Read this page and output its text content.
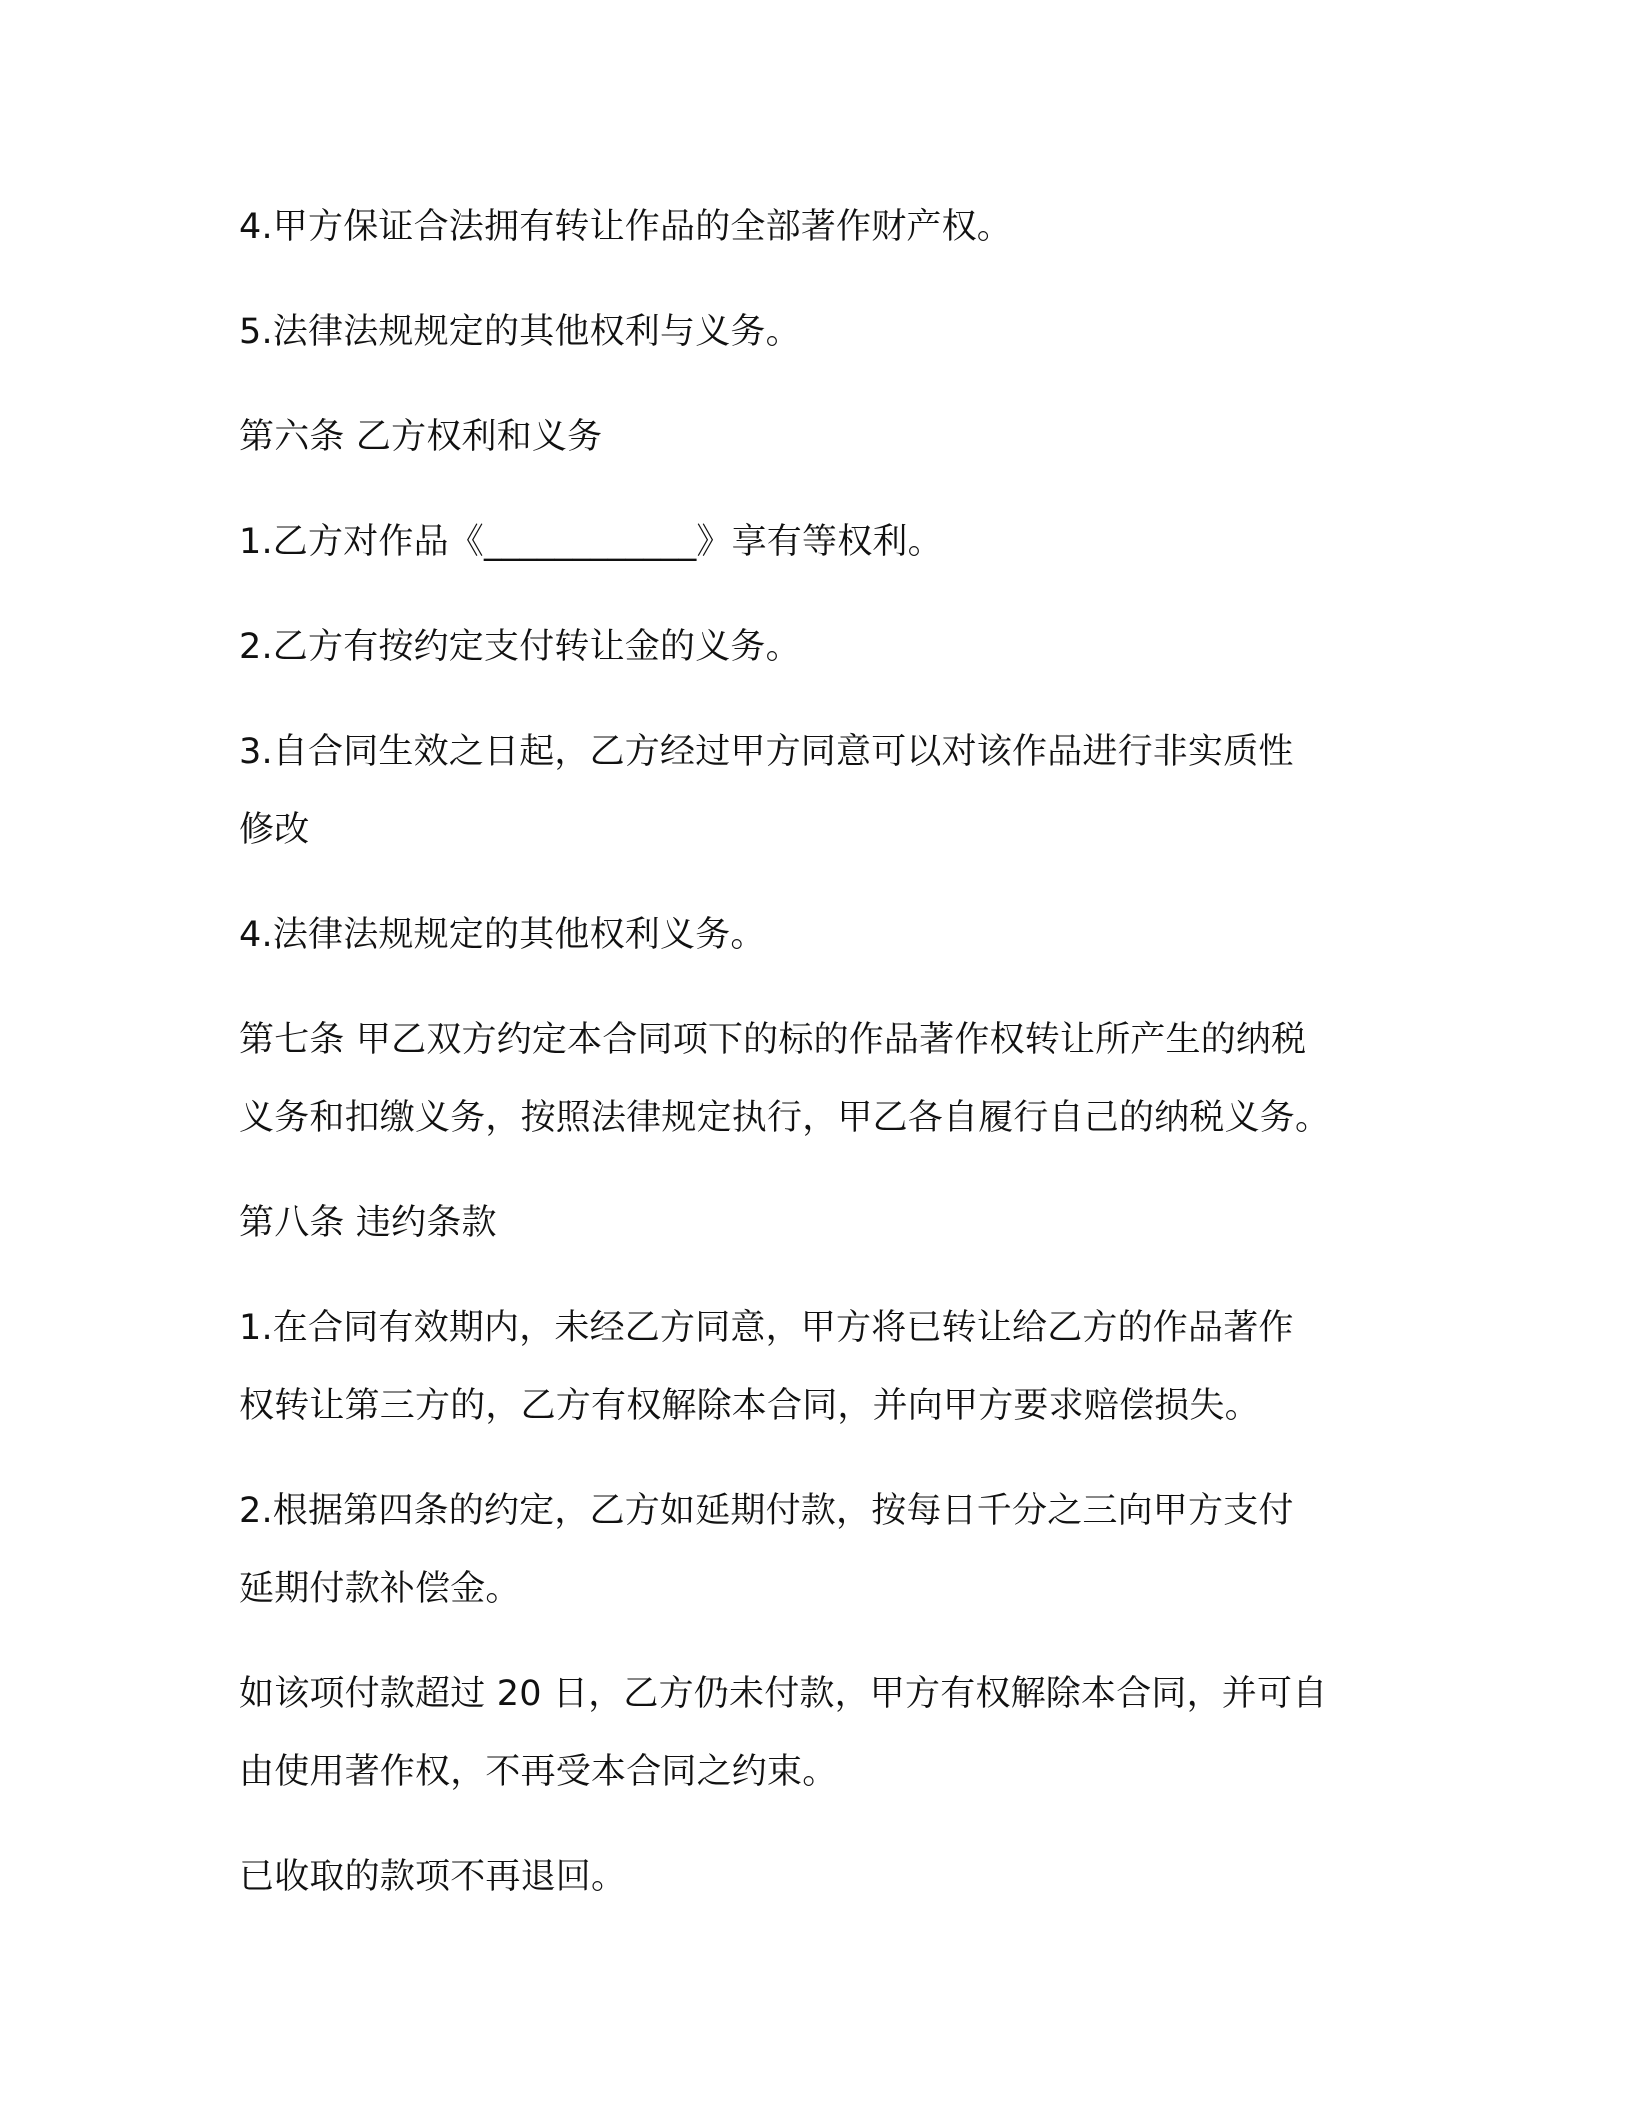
4.甲方保证合法拥有转让作品的全部著作财产权。

5.法律法规规定的其他权利与义务。

第六条 乙方权利和义务

1.乙方对作品《____________》享有等权利。

2.乙方有按约定支付转让金的义务。

3.自合同生效之日起，乙方经过甲方同意可以对该作品进行非实质性
修改

4.法律法规规定的其他权利义务。

第七条 甲乙双方约定本合同项下的标的作品著作权转让所产生的纳税
义务和扣缴义务，按照法律规定执行，甲乙各自履行自己的纳税义务。

第八条 违约条款

1.在合同有效期内，未经乙方同意，甲方将已转让给乙方的作品著作
权转让第三方的，乙方有权解除本合同，并向甲方要求赔偿损失。

2.根据第四条的约定，乙方如延期付款，按每日千分之三向甲方支付
延期付款补偿金。

如该项付款超过 20 日，乙方仍未付款，甲方有权解除本合同，并可自
由使用著作权，不再受本合同之约束。

已收取的款项不再退回。
